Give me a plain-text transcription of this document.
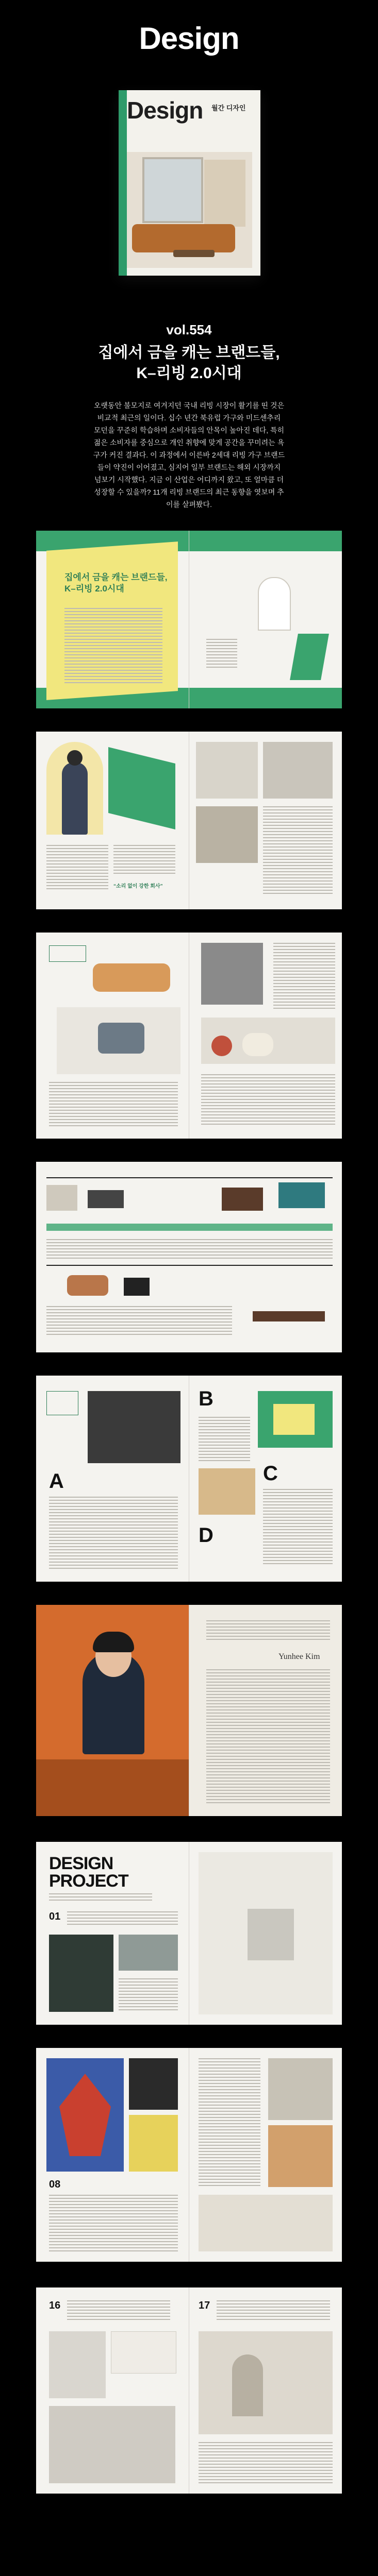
Design
Design 월간 디자인
vol.554
집에서 금을 캐는 브랜드들,
K–리빙 2.0시대
오랫동안 불모지로 여겨지던 국내 리빙 시장이 활기를 띤 것은 비교적 최근의 일이다. 십수 년간 북유럽 가구와 미드센추리 모던을 꾸준히 학습하며 소비자들의 안목이 높아진 데다, 특히 젊은 소비자를 중심으로 개인 취향에 맞게 공간을 꾸미려는 욕구가 커진 결과다. 이 과정에서 이른바 2세대 리빙 가구 브랜드들이 약진이 이어졌고, 심지어 일부 브랜드는 해외 시장까지 넘보기 시작했다. 지금 이 산업은 어디까지 왔고, 또 얼마큼 더 성장할 수 있을까? 11개 리빙 브랜드의 최근 동향을 엿보며 추이를 살펴봤다.
집에서 금을 캐는 브랜드들,
K–리빙 2.0시대
“소리 없이 강한 회사”
A
B
C
D
Yunhee Kim
DESIGN
PROJECT
01
08
16	17
